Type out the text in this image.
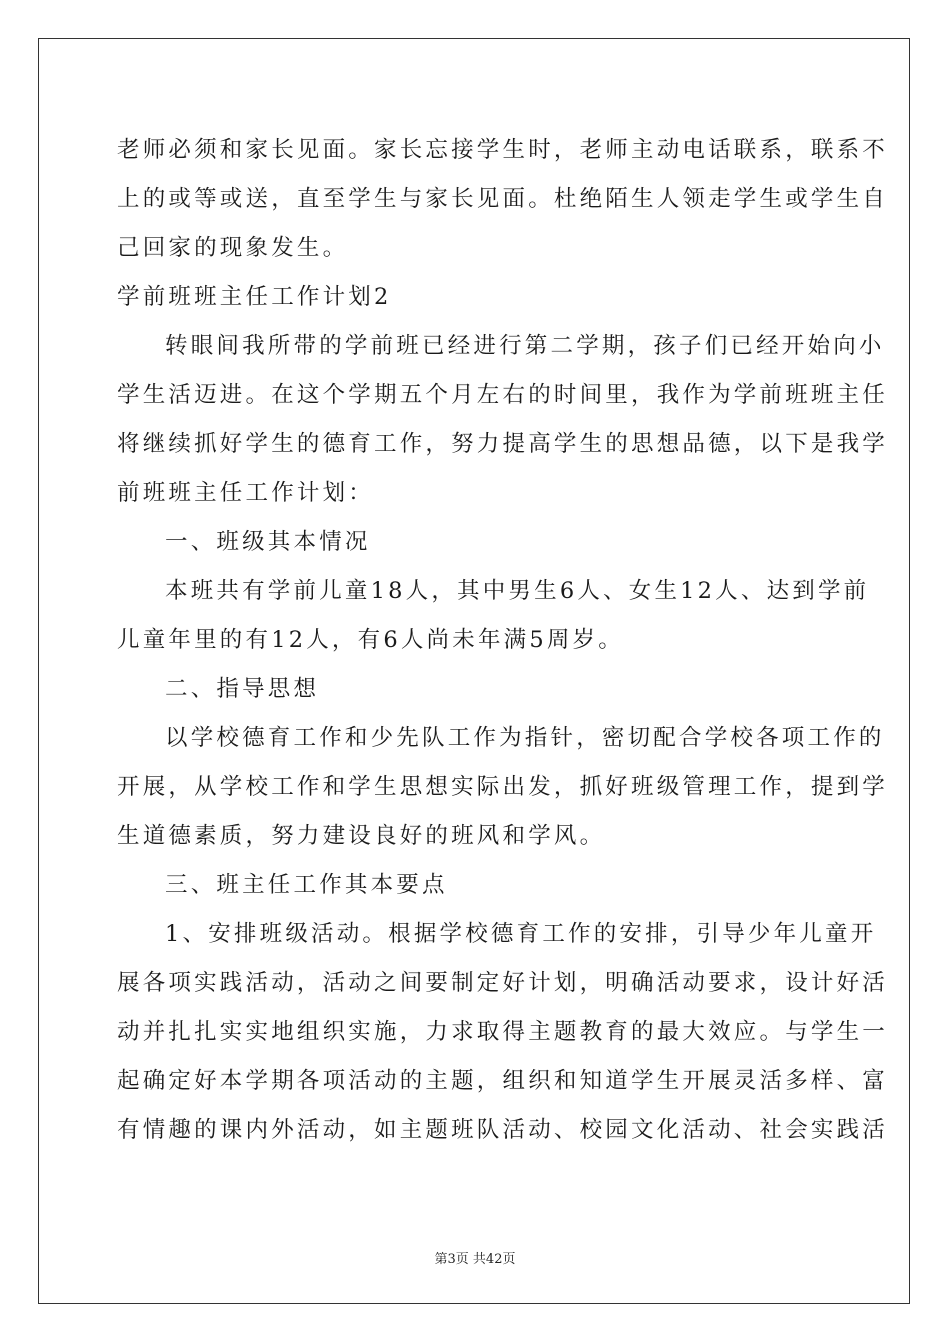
老师必须和家长见面。家长忘接学生时，老师主动电话联系，联系不
上的或等或送，直至学生与家长见面。杜绝陌生人领走学生或学生自
己回家的现象发生。
学前班班主任工作计划2
转眼间我所带的学前班已经进行第二学期，孩子们已经开始向小
学生活迈进。在这个学期五个月左右的时间里，我作为学前班班主任
将继续抓好学生的德育工作，努力提高学生的思想品德，以下是我学
前班班主任工作计划：
一、班级其本情况
本班共有学前儿童18人，其中男生6人、女生12人、达到学前
儿童年里的有12人，有6人尚未年满5周岁。
二、指导思想
以学校德育工作和少先队工作为指针，密切配合学校各项工作的
开展，从学校工作和学生思想实际出发，抓好班级管理工作，提到学
生道德素质，努力建设良好的班风和学风。
三、班主任工作其本要点
1、安排班级活动。根据学校德育工作的安排，引导少年儿童开
展各项实践活动，活动之间要制定好计划，明确活动要求，设计好活
动并扎扎实实地组织实施，力求取得主题教育的最大效应。与学生一
起确定好本学期各项活动的主题，组织和知道学生开展灵活多样、富
有情趣的课内外活动，如主题班队活动、校园文化活动、社会实践活
第3页 共42页
